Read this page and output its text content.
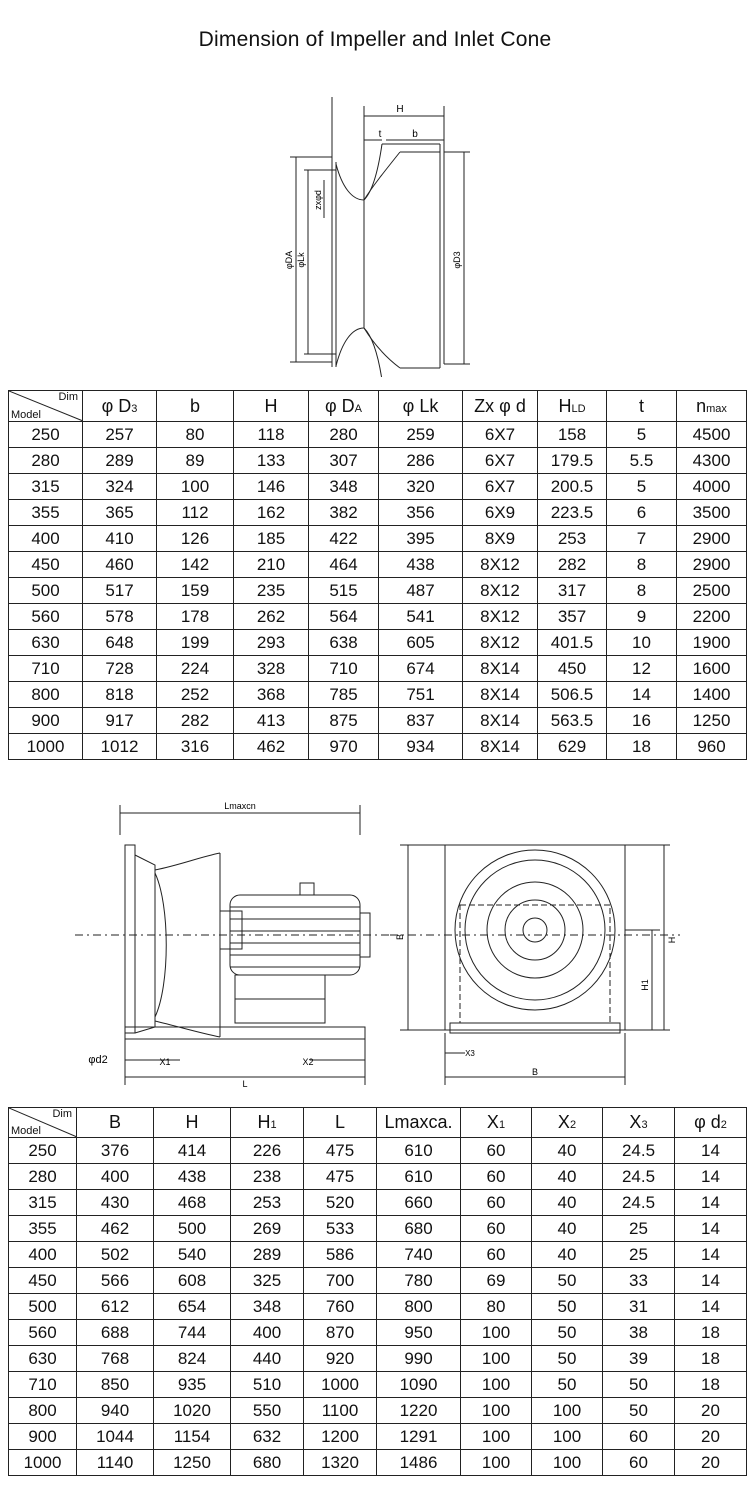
Dimension of Impeller and Inlet Cone
H
t	b
zxφd
φDA φLk	φD3
Dim
Model	φ D3	b	H	φ DA	φ Lk	Zx φ d	HLD	t	nmax
250	257	80	118	280	259	6X7	158	5	4500
280	289	89	133	307	286	6X7	179.5	5.5	4300
315	324	100	146	348	320	6X7	200.5	5	4000
355	365	112	162	382	356	6X9	223.5	6	3500
400	410	126	185	422	395	8X9	253	7	2900
450	460	142	210	464	438	8X12	282	8	2900
500	517	159	235	515	487	8X12	317	8	2500
560	578	178	262	564	541	8X12	357	9	2200
630	648	199	293	638	605	8X12	401.5	10	1900
710	728	224	328	710	674	8X14	450	12	1600
800	818	252	368	785	751	8X14	506.5	14	1400
900	917	282	413	875	837	8X14	563.5	16	1250
1000	1012	316	462	970	934	8X14	629	18	960
Lmaxcn
φd2	X1	X2
L
B	H
H1
X3
B
Dim
Model	B	H	H1	L	Lmaxca.	X1	X2	X3	φ d2
250	376	414	226	475	610	60	40	24.5	14
280	400	438	238	475	610	60	40	24.5	14
315	430	468	253	520	660	60	40	24.5	14
355	462	500	269	533	680	60	40	25	14
400	502	540	289	586	740	60	40	25	14
450	566	608	325	700	780	69	50	33	14
500	612	654	348	760	800	80	50	31	14
560	688	744	400	870	950	100	50	38	18
630	768	824	440	920	990	100	50	39	18
710	850	935	510	1000	1090	100	50	50	18
800	940	1020	550	1100	1220	100	100	50	20
900	1044	1154	632	1200	1291	100	100	60	20
1000	1140	1250	680	1320	1486	100	100	60	20
